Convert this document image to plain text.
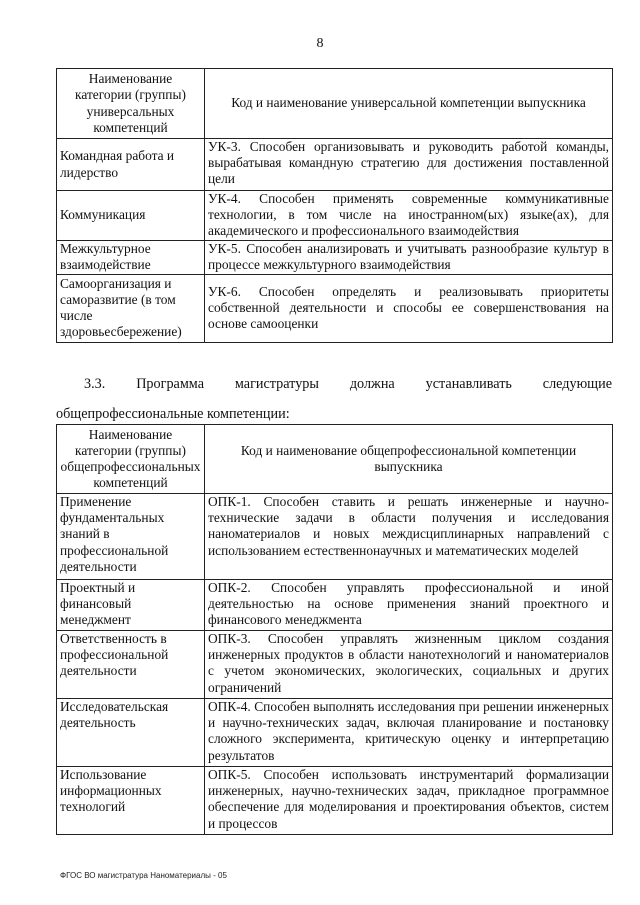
8
Наименование категории (группы) универсальных компетенций	Код и наименование универсальной компетенции выпускника
Командная работа и лидерство	УК-3. Способен организовывать и руководить работой команды, вырабатывая командную стратегию для достижения поставленной цели
Коммуникация	УК-4. Способен применять современные коммуникативные технологии, в том числе на иностранном(ых) языке(ах), для академического и профессионального взаимодействия
Межкультурное взаимодействие	УК-5. Способен анализировать и учитывать разнообразие культур в процессе межкультурного взаимодействия
Самоорганизация и саморазвитие (в том числе здоровьесбережение)	УК-6. Способен определять и реализовывать приоритеты собственной деятельности и способы ее совершенствования на основе самооценки
3.3. Программа магистратуры должна устанавливать следующие
общепрофессиональные компетенции:
Наименование категории (группы) общепрофессиональных компетенций	Код и наименование общепрофессиональной компетенции выпускника
Применение фундаментальных знаний в профессиональной деятельности	ОПК-1. Способен ставить и решать инженерные и научно-технические задачи в области получения и исследования наноматериалов и новых междисциплинарных направлений с использованием естественнонаучных и математических моделей
Проектный и финансовый менеджмент	ОПК-2. Способен управлять профессиональной и иной деятельностью на основе применения знаний проектного и финансового менеджмента
Ответственность в профессиональной деятельности	ОПК-3. Способен управлять жизненным циклом создания инженерных продуктов в области нанотехнологий и наноматериалов с учетом экономических, экологических, социальных и других ограничений
Исследовательская деятельность	ОПК-4. Способен выполнять исследования при решении инженерных и научно-технических задач, включая планирование и постановку сложного эксперимента, критическую оценку и интерпретацию результатов
Использование информационных технологий	ОПК-5. Способен использовать инструментарий формализации инженерных, научно-технических задач, прикладное программное обеспечение для моделирования и проектирования объектов, систем и процессов
ФГОС ВО магистратура Наноматериалы - 05
